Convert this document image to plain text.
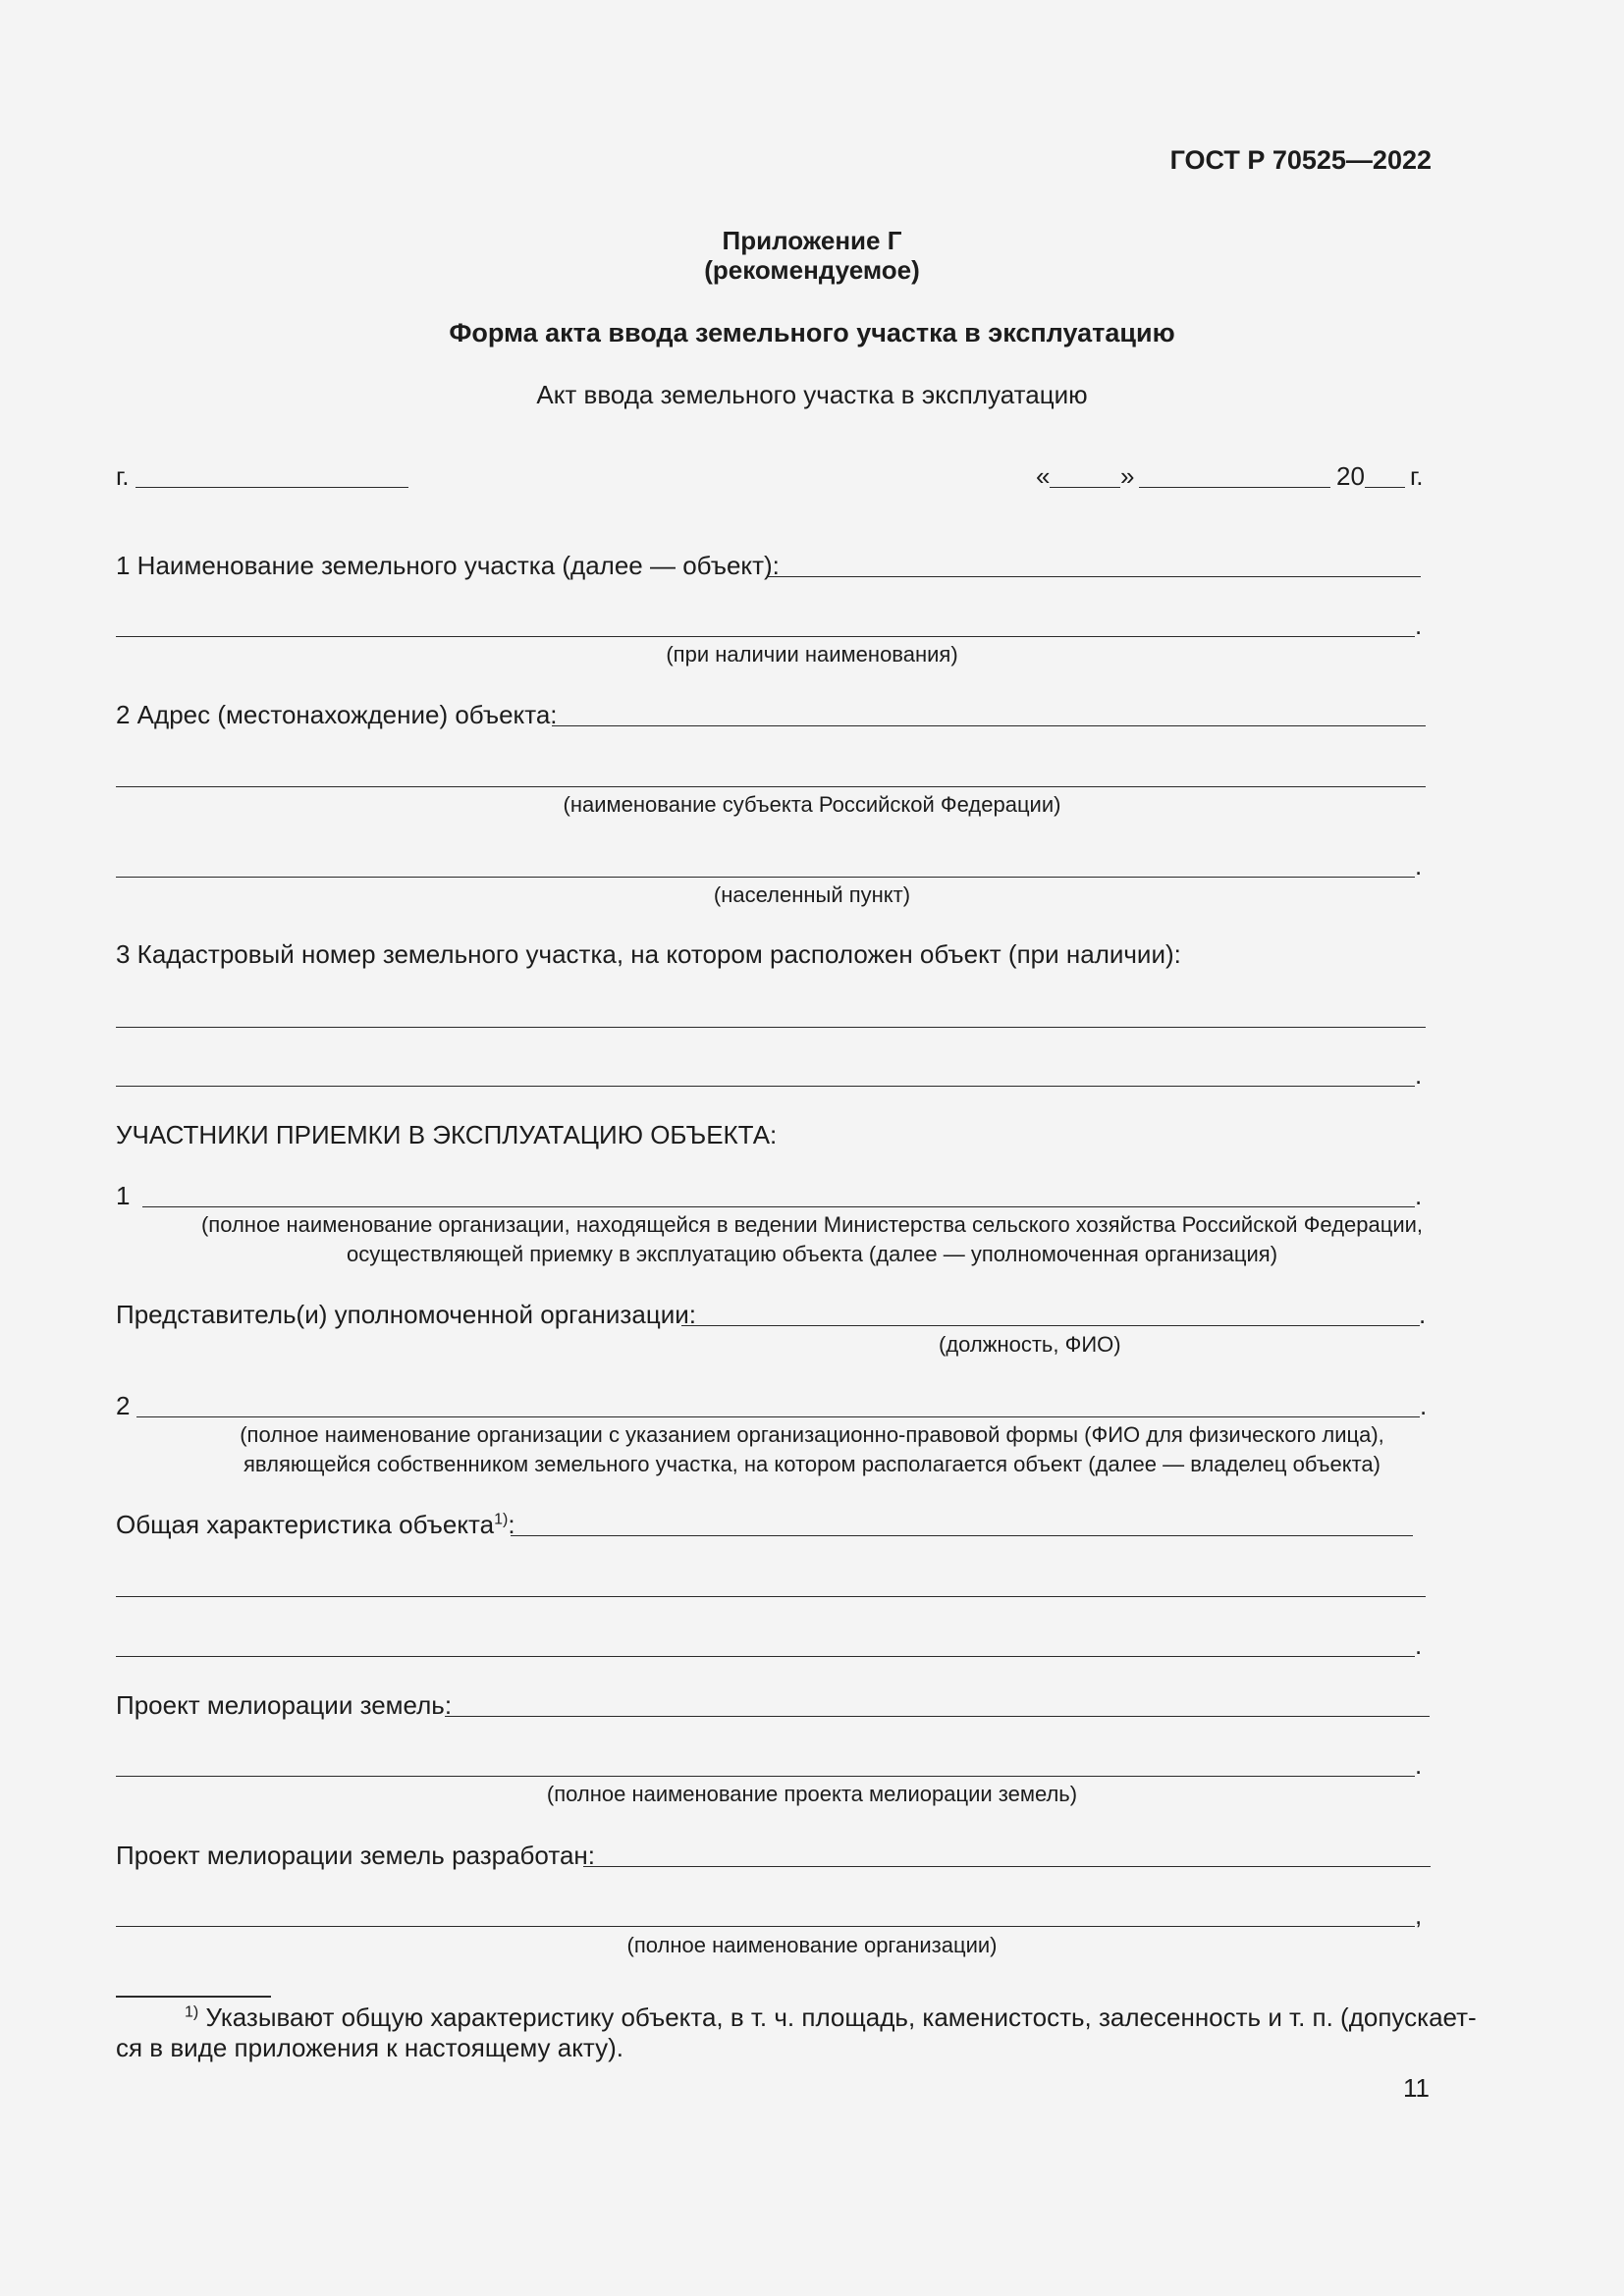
ГОСТ Р 70525—2022
Приложение Г
(рекомендуемое)
Форма акта ввода земельного участка в эксплуатацию
Акт ввода земельного участка в эксплуатацию
г.	«	»	20 г.
1 Наименование земельного участка (далее — объект):
.
(при наличии наименования)
2 Адрес (местонахождение) объекта:
(наименование субъекта Российской Федерации)
.
(населенный пункт)
3 Кадастровый номер земельного участка, на котором расположен объект (при наличии):
.
УЧАСТНИКИ ПРИЕМКИ В ЭКСПЛУАТАЦИЮ ОБЪЕКТА:
1	.
(полное наименование организации, находящейся в ведении Министерства сельского хозяйства Российской Федерации,
осуществляющей приемку в эксплуатацию объекта (далее — уполномоченная организация)
Представитель(и) уполномоченной организации:	.
(должность, ФИО)
2	.
(полное наименование организации с указанием организационно-правовой формы (ФИО для физического лица),
являющейся собственником земельного участка, на котором располагается объект (далее — владелец объекта)
Общая характеристика объекта$^{1)}$:
.
Проект мелиорации земель:
.
(полное наименование проекта мелиорации земель)
Проект мелиорации земель разработан:
,
(полное наименование организации)
$^{1)}$ Указывают общую характеристику объекта, в т. ч. площадь, каменистость, залесенность и т. п. (допускает-
ся в виде приложения к настоящему акту).
11
